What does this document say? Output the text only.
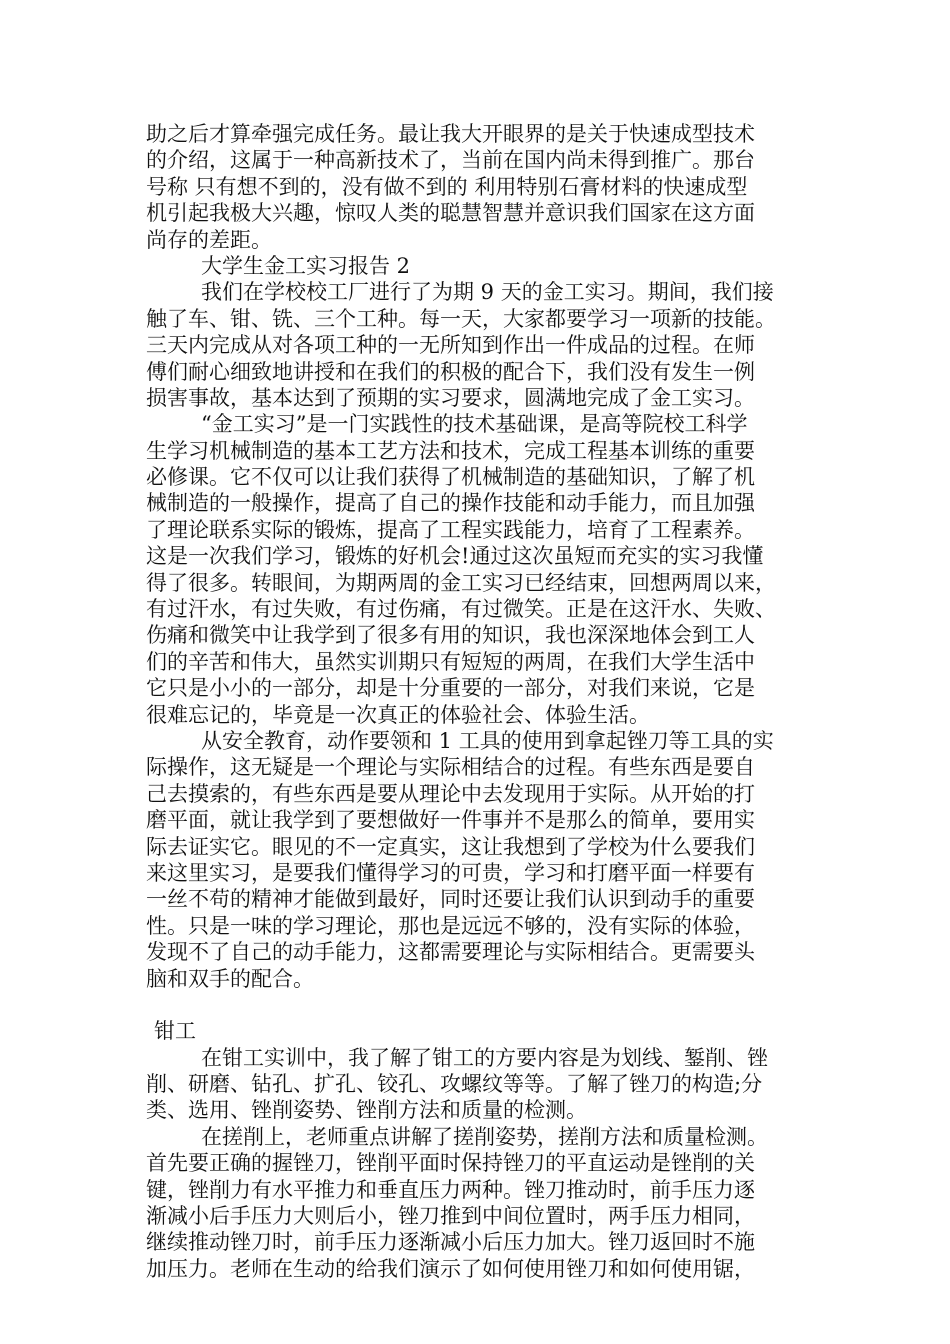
助之后才算牵强完成任务。最让我大开眼界的是关于快速成型技术
的介绍，这属于一种高新技术了，当前在国内尚未得到推广。那台
号称 只有想不到的，没有做不到的 利用特别石膏材料的快速成型
机引起我极大兴趣，惊叹人类的聪慧智慧并意识我们国家在这方面
尚存的差距。
大学生金工实习报告 2
我们在学校校工厂进行了为期 9 天的金工实习。期间，我们接
触了车、钳、铣、三个工种。每一天，大家都要学习一项新的技能。
三天内完成从对各项工种的一无所知到作出一件成品的过程。在师
傅们耐心细致地讲授和在我们的积极的配合下，我们没有发生一例
损害事故，基本达到了预期的实习要求，圆满地完成了金工实习。
“金工实习”是一门实践性的技术基础课，是高等院校工科学
生学习机械制造的基本工艺方法和技术，完成工程基本训练的重要
必修课。它不仅可以让我们获得了机械制造的基础知识，了解了机
械制造的一般操作，提高了自己的操作技能和动手能力，而且加强
了理论联系实际的锻炼，提高了工程实践能力，培育了工程素养。
这是一次我们学习，锻炼的好机会!通过这次虽短而充实的实习我懂
得了很多。转眼间，为期两周的金工实习已经结束，回想两周以来，
有过汗水，有过失败，有过伤痛，有过微笑。正是在这汗水、失败、
伤痛和微笑中让我学到了很多有用的知识，我也深深地体会到工人
们的辛苦和伟大，虽然实训期只有短短的两周，在我们大学生活中
它只是小小的一部分，却是十分重要的一部分，对我们来说，它是
很难忘记的，毕竟是一次真正的体验社会、体验生活。
从安全教育，动作要领和 1 工具的使用到拿起锉刀等工具的实
际操作，这无疑是一个理论与实际相结合的过程。有些东西是要自
己去摸索的，有些东西是要从理论中去发现用于实际。从开始的打
磨平面，就让我学到了要想做好一件事并不是那么的简单，要用实
际去证实它。眼见的不一定真实，这让我想到了学校为什么要我们
来这里实习，是要我们懂得学习的可贵，学习和打磨平面一样要有
一丝不苟的精神才能做到最好，同时还要让我们认识到动手的重要
性。只是一味的学习理论，那也是远远不够的，没有实际的体验，
发现不了自己的动手能力，这都需要理论与实际相结合。更需要头
脑和双手的配合。
钳工
在钳工实训中，我了解了钳工的方要内容是为划线、錾削、锉
削、研磨、钻孔、扩孔、铰孔、攻螺纹等等。了解了锉刀的构造;分
类、选用、锉削姿势、锉削方法和质量的检测。
在搓削上，老师重点讲解了搓削姿势，搓削方法和质量检测。
首先要正确的握锉刀，锉削平面时保持锉刀的平直运动是锉削的关
键，锉削力有水平推力和垂直压力两种。锉刀推动时，前手压力逐
渐减小后手压力大则后小，锉刀推到中间位置时，两手压力相同，
继续推动锉刀时，前手压力逐渐减小后压力加大。锉刀返回时不施
加压力。老师在生动的给我们演示了如何使用锉刀和如何使用锯，
